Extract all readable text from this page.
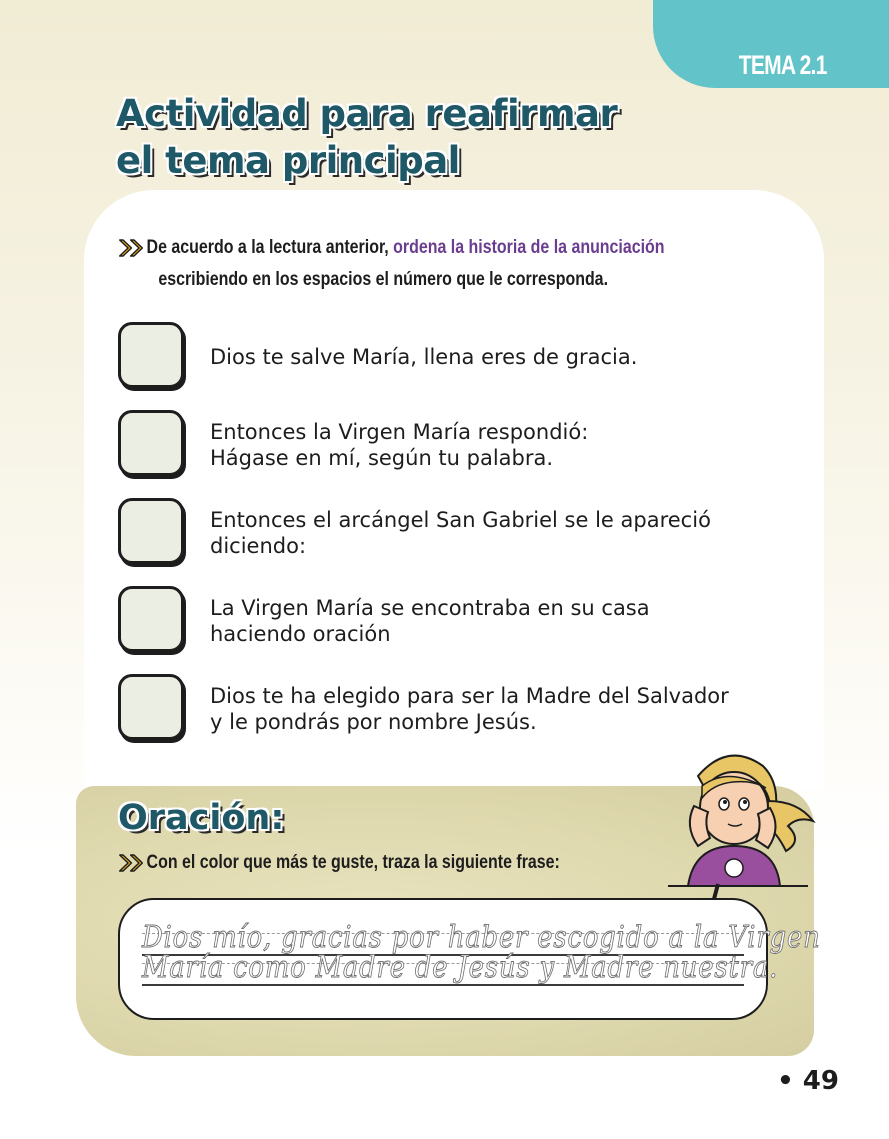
TEMA 2.1
Actividad para reafirmar
el tema principal
De acuerdo a la lectura anterior, ordena la historia de la anunciación
escribiendo en los espacios el número que le corresponda.
Dios te salve María, llena eres de gracia.
Entonces la Virgen María respondió:
Hágase en mí, según tu palabra.
Entonces el arcángel San Gabriel se le apareció
diciendo:
La Virgen María se encontraba en su casa
haciendo oración
Dios te ha elegido para ser la Madre del Salvador
y le pondrás por nombre Jesús.
Oración:
Con el color que más te guste, traza la siguiente frase:
Dios mío, gracias por haber escogido a la Virgen
María como Madre de Jesús y Madre nuestra.
• 49
